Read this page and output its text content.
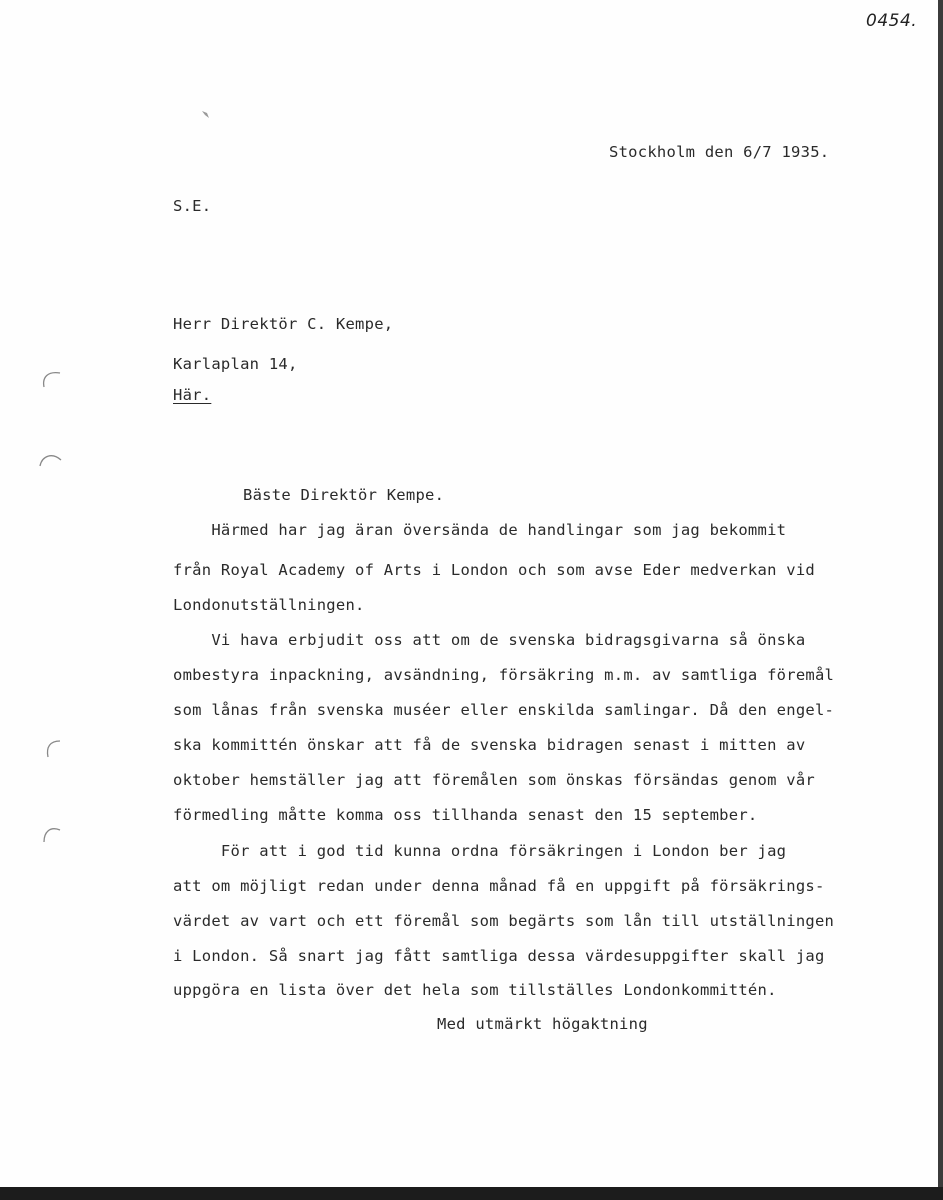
0454.
Stockholm den 6/7 1935.
S.E.
Herr Direktör C. Kempe,
Karlaplan 14,
Här.
Bäste Direktör Kempe.
Härmed har jag äran översända de handlingar som jag bekommit
från Royal Academy of Arts i London och som avse Eder medverkan vid
Londonutställningen.
Vi hava erbjudit oss att om de svenska bidragsgivarna så önska
ombestyra inpackning, avsändning, försäkring m.m. av samtliga föremål
som lånas från svenska muséer eller enskilda samlingar. Då den engel-
ska kommittén önskar att få de svenska bidragen senast i mitten av
oktober hemställer jag att föremålen som önskas försändas genom vår
förmedling måtte komma oss tillhanda senast den 15 september.
För att i god tid kunna ordna försäkringen i London ber jag
att om möjligt redan under denna månad få en uppgift på försäkrings-
värdet av vart och ett föremål som begärts som lån till utställningen
i London. Så snart jag fått samtliga dessa värdesuppgifter skall jag
uppgöra en lista över det hela som tillställes Londonkommittén.
Med utmärkt högaktning
